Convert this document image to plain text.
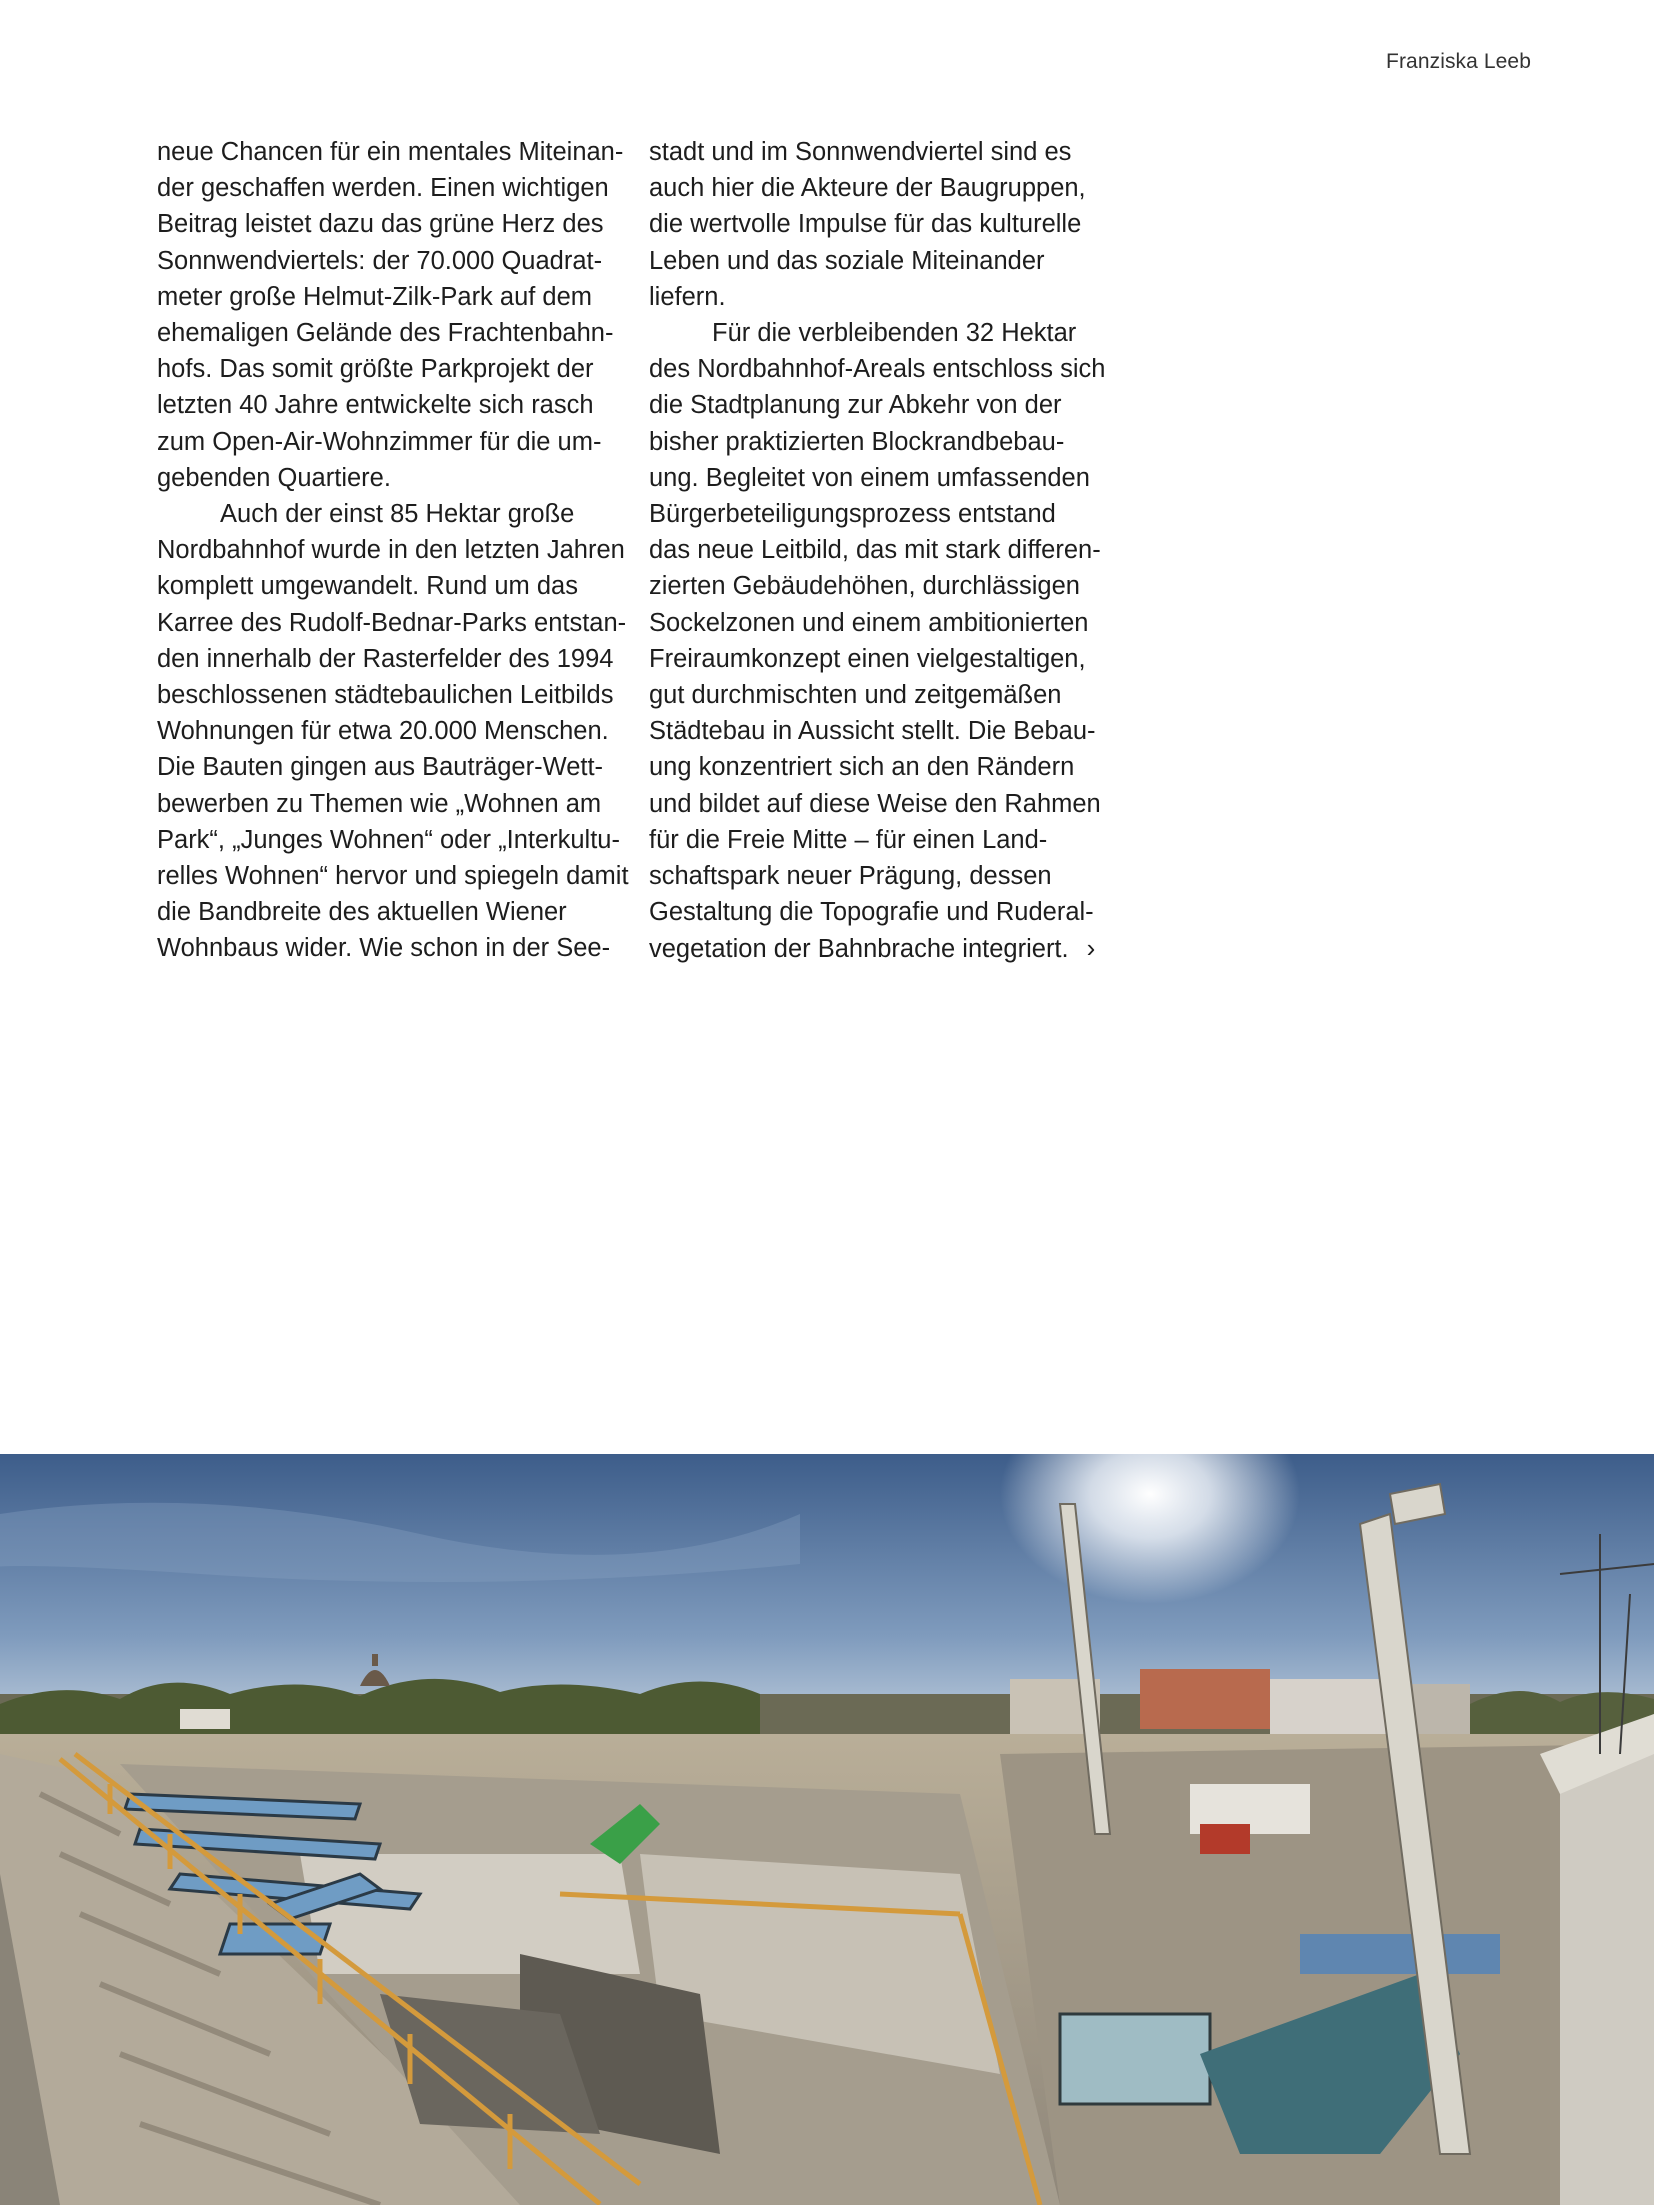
Franziska Leeb
neue Chancen für ein mentales Miteinan-
der geschaffen werden. Einen wichtigen
Beitrag leistet dazu das grüne Herz des
Sonnwendviertels: der 70.000 Quadrat-
meter große Helmut-Zilk-Park auf dem
ehemaligen Gelände des Frachtenbahn-
hofs. Das somit größte Parkprojekt der
letzten 40 Jahre entwickelte sich rasch
zum Open-Air-Wohnzimmer für die um-
gebenden Quartiere.
Auch der einst 85 Hektar große
Nordbahnhof wurde in den letzten Jahren
komplett umgewandelt. Rund um das
Karree des Rudolf-Bednar-Parks entstan-
den innerhalb der Rasterfelder des 1994
beschlossenen städtebaulichen Leitbilds
Wohnungen für etwa 20.000 Menschen.
Die Bauten gingen aus Bauträger-Wett-
bewerben zu Themen wie „Wohnen am
Park“, „Junges Wohnen“ oder „Interkultu-
relles Wohnen“ hervor und spiegeln damit
die Bandbreite des aktuellen Wiener
Wohnbaus wider. Wie schon in der See-
stadt und im Sonnwendviertel sind es
auch hier die Akteure der Baugruppen,
die wertvolle Impulse für das kulturelle
Leben und das soziale Miteinander
liefern.
Für die verbleibenden 32 Hektar
des Nordbahnhof-Areals entschloss sich
die Stadtplanung zur Abkehr von der
bisher praktizierten Blockrandbebau-
ung. Begleitet von einem umfassenden
Bürgerbeteiligungsprozess entstand
das neue Leitbild, das mit stark differen-
zierten Gebäudehöhen, durchlässigen
Sockelzonen und einem ambitionierten
Freiraumkonzept einen vielgestaltigen,
gut durchmischten und zeitgemäßen
Städtebau in Aussicht stellt. Die Bebau-
ung konzentriert sich an den Rändern
und bildet auf diese Weise den Rahmen
für die Freie Mitte – für einen Land-
schaftspark neuer Prägung, dessen
Gestaltung die Topografie und Ruderal-
vegetation der Bahnbrache integriert. ›
